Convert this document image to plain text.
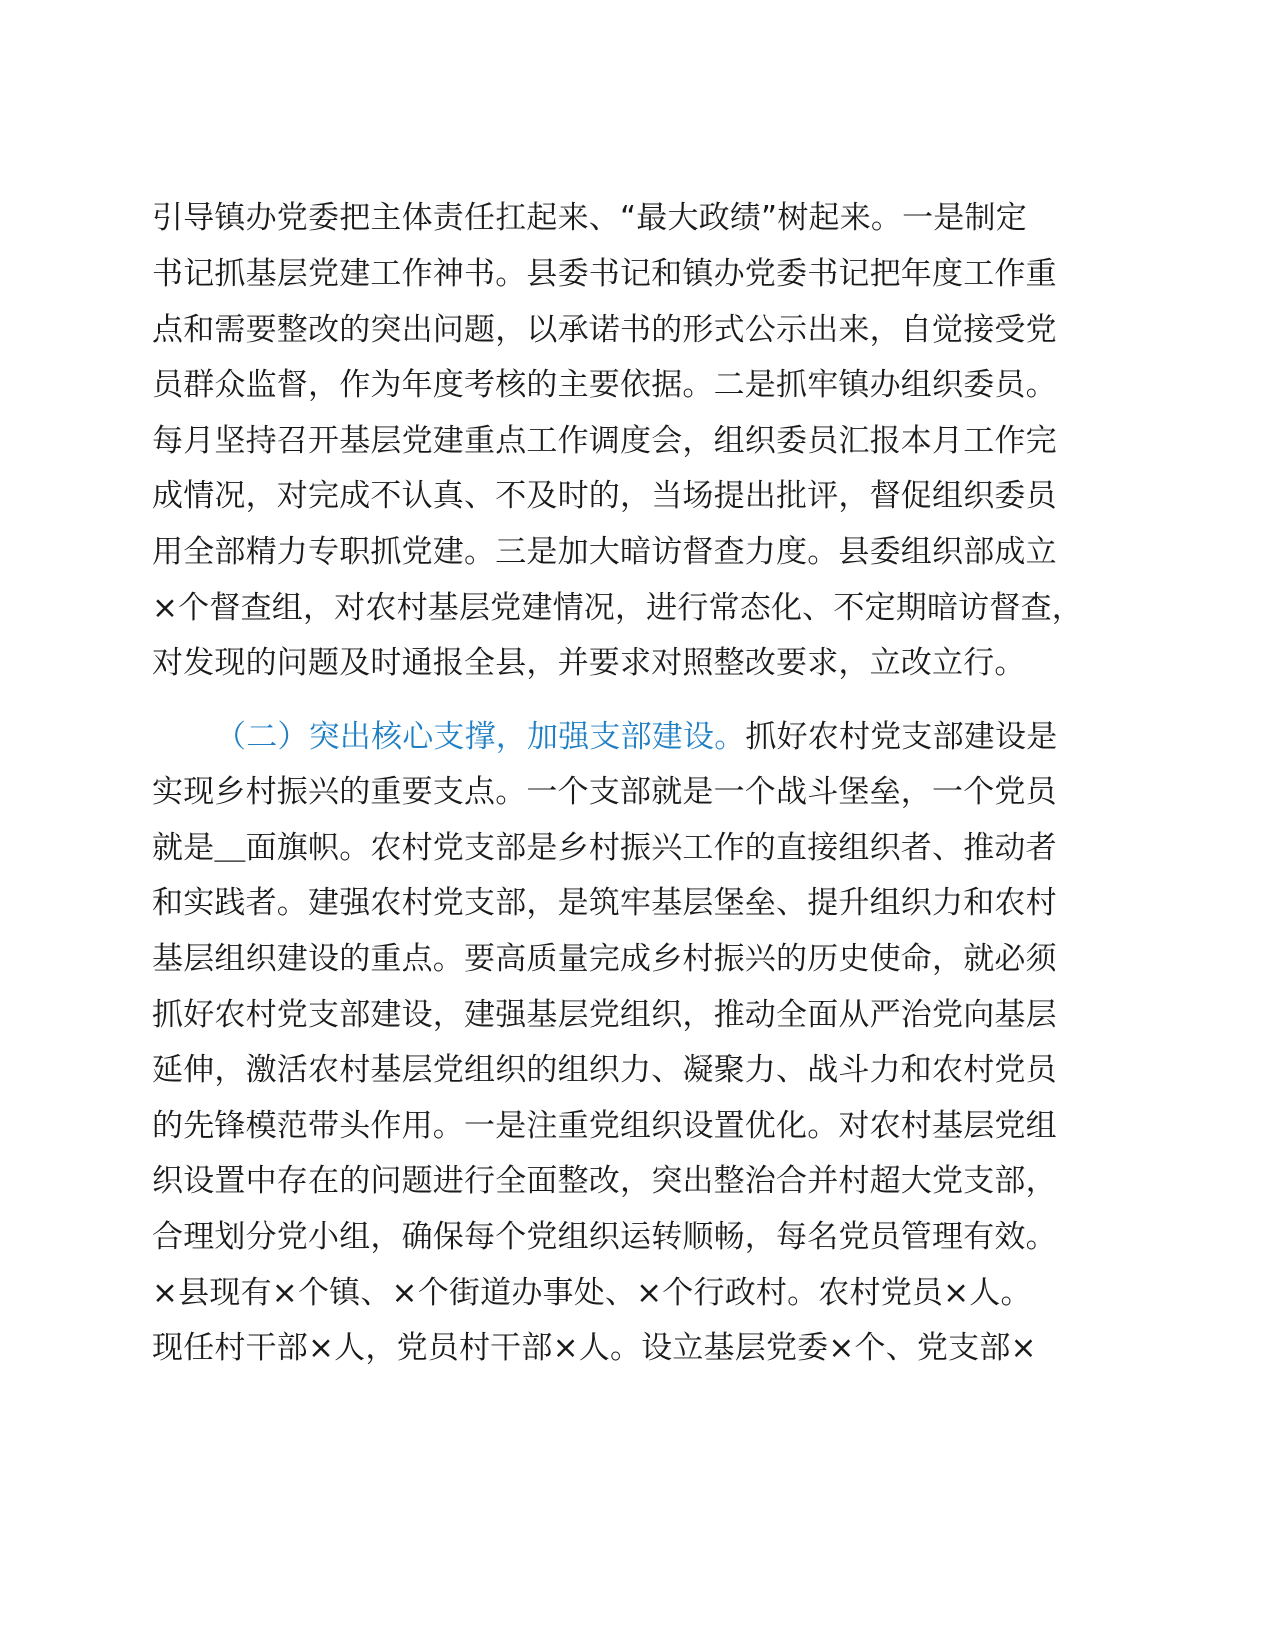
引导镇办党委把主体责任扛起来、“最大政绩”树起来。一是制定
书记抓基层党建工作神书。县委书记和镇办党委书记把年度工作重
点和需要整改的突出问题，以承诺书的形式公示出来，自觉接受党
员群众监督，作为年度考核的主要依据。二是抓牢镇办组织委员。
每月坚持召开基层党建重点工作调度会，组织委员汇报本月工作完
成情况，对完成不认真、不及时的，当场提出批评，督促组织委员
用全部精力专职抓党建。三是加大暗访督查力度。县委组织部成立
×个督查组，对农村基层党建情况，进行常态化、不定期暗访督查，
对发现的问题及时通报全县，并要求对照整改要求，立改立行。
（二）突出核心支撑，加强支部建设。抓好农村党支部建设是
实现乡村振兴的重要支点。一个支部就是一个战斗堡垒，一个党员
就是＿面旗帜。农村党支部是乡村振兴工作的直接组织者、推动者
和实践者。建强农村党支部，是筑牢基层堡垒、提升组织力和农村
基层组织建设的重点。要高质量完成乡村振兴的历史使命，就必须
抓好农村党支部建设，建强基层党组织，推动全面从严治党向基层
延伸，激活农村基层党组织的组织力、凝聚力、战斗力和农村党员
的先锋模范带头作用。一是注重党组织设置优化。对农村基层党组
织设置中存在的问题进行全面整改，突出整治合并村超大党支部，
合理划分党小组，确保每个党组织运转顺畅，每名党员管理有效。
×县现有×个镇、×个街道办事处、×个行政村。农村党员×人。
现任村干部×人，党员村干部×人。设立基层党委×个、党支部×
